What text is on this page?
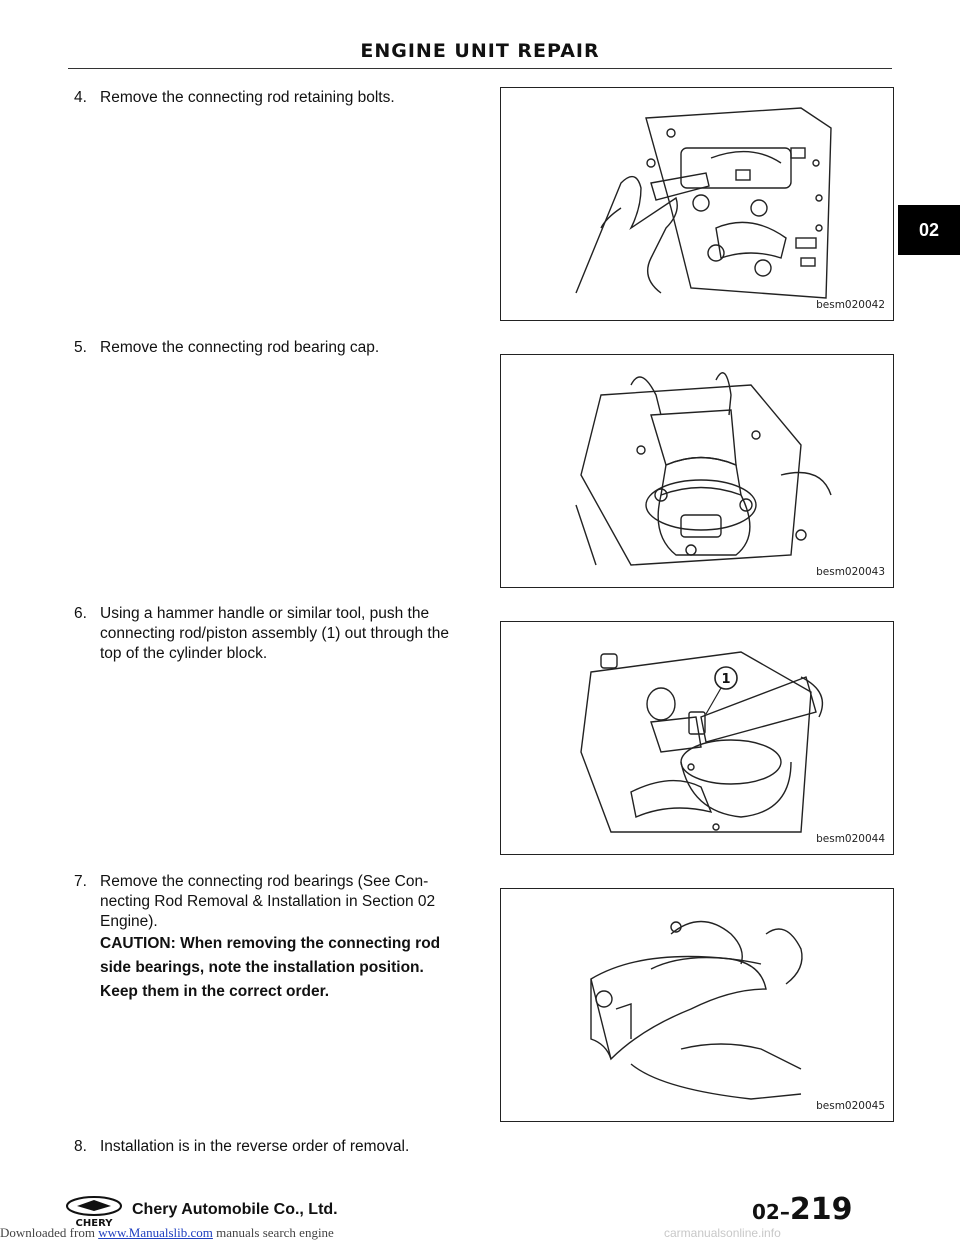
ENGINE UNIT REPAIR
02
4. Remove the connecting rod retaining bolts.
5. Remove the connecting rod bearing cap.
6. Using a hammer handle or similar tool, push the
connecting rod/piston assembly (1) out through the
top of the cylinder block.
7. Remove the connecting rod bearings (See Con-
necting Rod Removal & Installation in Section 02
Engine).
CAUTION: When removing the connecting rod
side bearings, note the installation position.
Keep them in the correct order.
8. Installation is in the reverse order of removal.
besm020042
besm020043
1
besm020044
besm020045
CHERY
Chery Automobile Co., Ltd.	02–219
Downloaded from www.Manualslib.com manuals search engine	carmanualsonline.info
